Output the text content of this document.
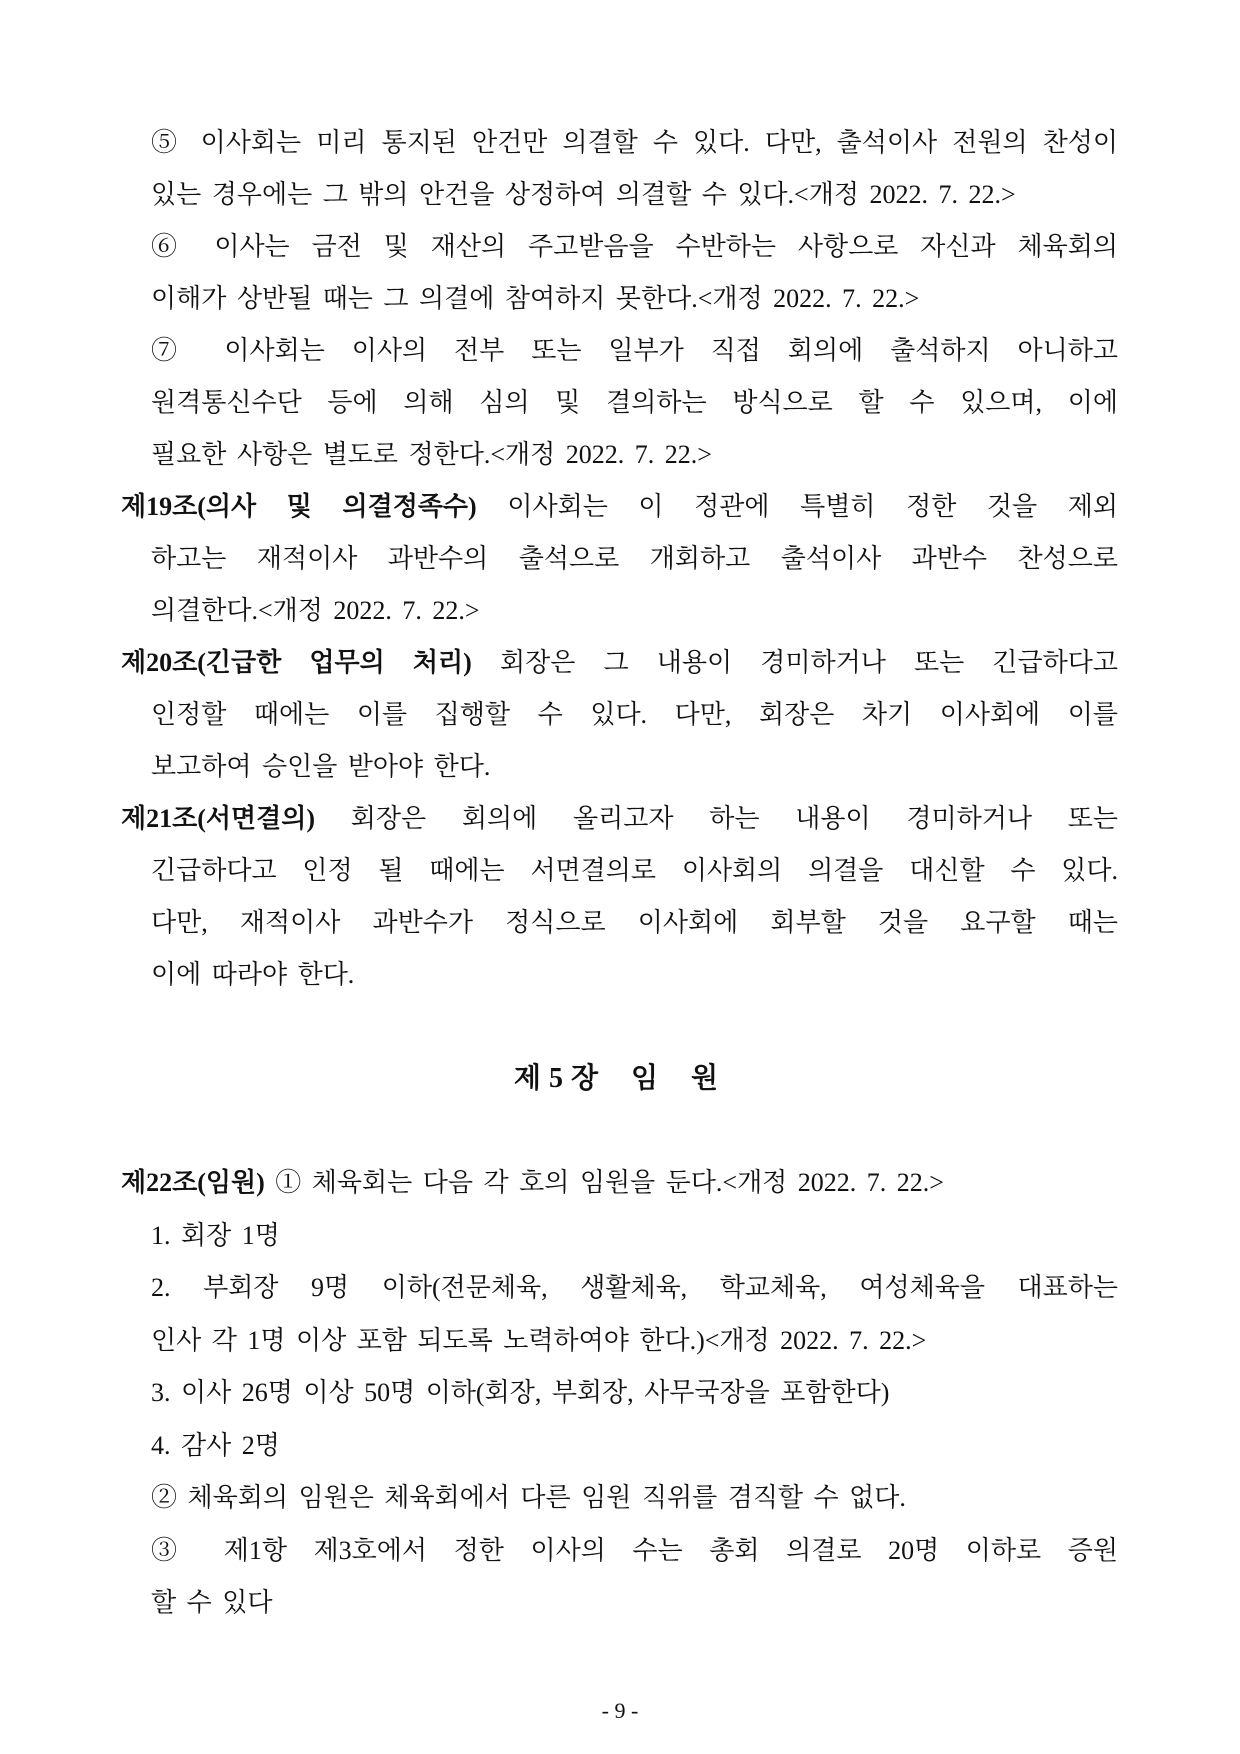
⑤ 이사회는 미리 통지된 안건만 의결할 수 있다. 다만, 출석이사 전원의 찬성이
있는 경우에는 그 밖의 안건을 상정하여 의결할 수 있다.<개정 2022. 7. 22.>
⑥ 이사는 금전 및 재산의 주고받음을 수반하는 사항으로 자신과 체육회의
이해가 상반될 때는 그 의결에 참여하지 못한다.<개정 2022. 7. 22.>
⑦ 이사회는 이사의 전부 또는 일부가 직접 회의에 출석하지 아니하고
원격통신수단 등에 의해 심의 및 결의하는 방식으로 할 수 있으며, 이에
필요한 사항은 별도로 정한다.<개정 2022. 7. 22.>
제19조(의사 및 의결정족수) 이사회는 이 정관에 특별히 정한 것을 제외
하고는 재적이사 과반수의 출석으로 개회하고 출석이사 과반수 찬성으로
의결한다.<개정 2022. 7. 22.>
제20조(긴급한 업무의 처리) 회장은 그 내용이 경미하거나 또는 긴급하다고
인정할 때에는 이를 집행할 수 있다. 다만, 회장은 차기 이사회에 이를
보고하여 승인을 받아야 한다.
제21조(서면결의) 회장은 회의에 올리고자 하는 내용이 경미하거나 또는
긴급하다고 인정 될 때에는 서면결의로 이사회의 의결을 대신할 수 있다.
다만, 재적이사 과반수가 정식으로 이사회에 회부할 것을 요구할 때는
이에 따라야 한다.
제5장 임 원
제22조(임원) ① 체육회는 다음 각 호의 임원을 둔다.<개정 2022. 7. 22.>
1. 회장 1명
2. 부회장 9명 이하(전문체육, 생활체육, 학교체육, 여성체육을 대표하는
인사 각 1명 이상 포함 되도록 노력하여야 한다.)<개정 2022. 7. 22.>
3. 이사 26명 이상 50명 이하(회장, 부회장, 사무국장을 포함한다)
4. 감사 2명
② 체육회의 임원은 체육회에서 다른 임원 직위를 겸직할 수 없다.
③ 제1항 제3호에서 정한 이사의 수는 총회 의결로 20명 이하로 증원
할 수 있다
- 9 -
